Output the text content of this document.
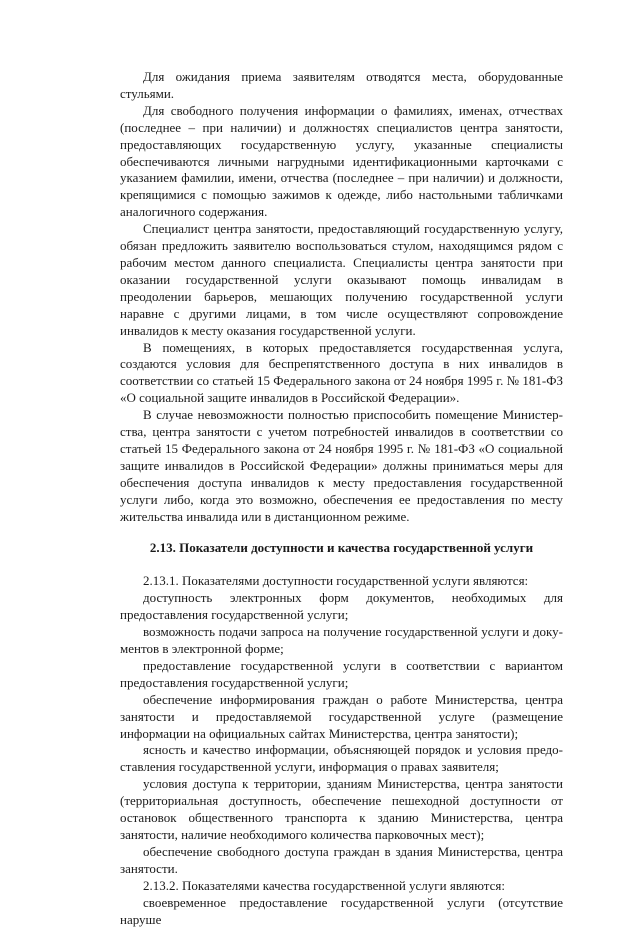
Для ожидания приема заявителям отводятся места, оборудованные стульями.

Для свободного получения информации о фамилиях, именах, отчествах (последнее – при наличии) и должностях специалистов центра занятости, предоставляющих государственную услугу, указанные специалисты обеспечиваются личными нагрудными идентификационными карточками с указанием фамилии, имени, отчества (последнее – при наличии) и должности, крепящимися с помощью зажимов к одежде, либо настольными табличками аналогичного содержания.

Специалист центра занятости, предоставляющий государственную услугу, обязан предложить заявителю воспользоваться стулом, находящимся рядом с рабочим местом данного специалиста. Специалисты центра занятости при оказании государственной услуги оказывают помощь инвалидам в преодолении барьеров, мешающих получению государственной услуги наравне с другими лицами, в том числе осуществляют сопровождение инвалидов к месту оказания государственной услуги.

В помещениях, в которых предоставляется государственная услуга, создаются условия для беспрепятственного доступа в них инвалидов в соответствии со статьей 15 Федерального закона от 24 ноября 1995 г. № 181-ФЗ «О социальной защите инвалидов в Российской Федерации».

В случае невозможности полностью приспособить помещение Министерства, центра занятости с учетом потребностей инвалидов в соответствии со статьей 15 Федерального закона от 24 ноября 1995 г. № 181-ФЗ «О социальной защите инвалидов в Российской Федерации» должны приниматься меры для обеспечения доступа инвалидов к месту предоставления государственной услуги либо, когда это возможно, обеспечения ее предоставления по месту жительства инвалида или в дистанционном режиме.

2.13. Показатели доступности и качества государственной услуги

2.13.1. Показателями доступности государственной услуги являются:

доступность электронных форм документов, необходимых для предоставления государственной услуги;

возможность подачи запроса на получение государственной услуги и документов в электронной форме;

предоставление государственной услуги в соответствии с вариантом предоставления государственной услуги;

обеспечение информирования граждан о работе Министерства, центра занятости и предоставляемой государственной услуге (размещение информации на официальных сайтах Министерства, центра занятости);

ясность и качество информации, объясняющей порядок и условия предоставления государственной услуги, информация о правах заявителя;

условия доступа к территории, зданиям Министерства, центра занятости (территориальная доступность, обеспечение пешеходной доступности от остановок общественного транспорта к зданию Министерства, центра занятости, наличие необходимого количества парковочных мест);

обеспечение свободного доступа граждан в здания Министерства, центра занятости.

2.13.2. Показателями качества государственной услуги являются:

своевременное предоставление государственной услуги (отсутствие наруше
